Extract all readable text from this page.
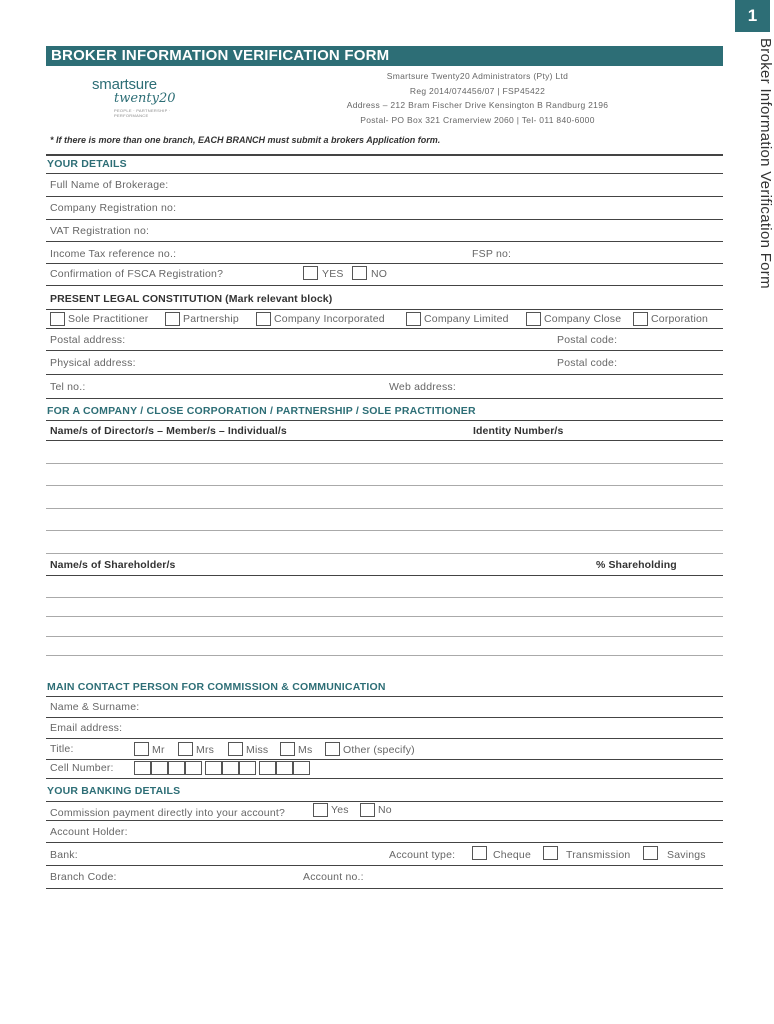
1
Broker Information Verification Form
BROKER INFORMATION VERIFICATION FORM
smartsure
twenty20
PEOPLE · PARTNERSHIP · PERFORMANCE
Smartsure Twenty20 Administrators (Pty) Ltd
Reg 2014/074456/07 | FSP45422
Address – 212 Bram Fischer Drive Kensington B Randburg 2196
Postal- PO Box 321 Cramerview 2060 | Tel- 011 840-6000
* If there is more than one branch, EACH BRANCH must submit a brokers Application form.
YOUR DETAILS
Full Name of Brokerage:
Company Registration no:
VAT Registration no:
Income Tax reference no.:	FSP no:
Confirmation of FSCA Registration?	YES	NO
PRESENT LEGAL CONSTITUTION (Mark relevant block)
Sole Practitioner	Partnership	Company Incorporated	Company Limited	Company Close	Corporation
Postal address:	Postal code:
Physical address:	Postal code:
Tel no.:	Web address:
FOR A COMPANY / CLOSE CORPORATION / PARTNERSHIP / SOLE PRACTITIONER
Name/s of Director/s – Member/s – Individual/s	Identity Number/s
Name/s of Shareholder/s	% Shareholding
MAIN CONTACT PERSON FOR COMMISSION & COMMUNICATION
Name & Surname:
Email address:
Title:	Mr	Mrs	Miss	Ms	Other (specify)
Cell Number:
YOUR BANKING DETAILS
Commission payment directly into your account?	Yes	No
Account Holder:
Bank:	Account type:	Cheque	Transmission	Savings
Branch Code:	Account no.:
